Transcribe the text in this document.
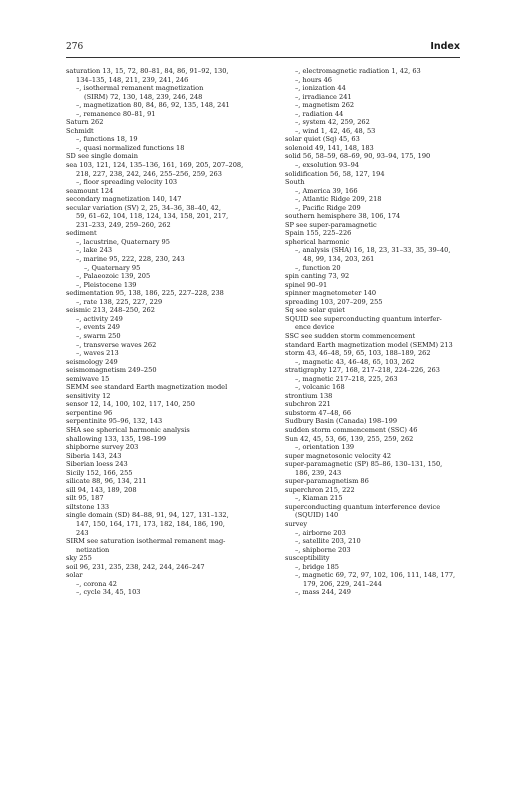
276	Index
saturation 13, 15, 72, 80–81, 84, 86, 91–92, 130,
134–135, 148, 211, 239, 241, 246
–, isothermal remanent magnetization
(SIRM) 72, 130, 148, 239, 246, 248
–, magnetization 80, 84, 86, 92, 135, 148, 241
–, remanence 80–81, 91
Saturn 262
Schmidt
–, functions 18, 19
–, quasi normalized functions 18
SD see single domain
sea 103, 121, 124, 135–136, 161, 169, 205, 207–208,
218, 227, 238, 242, 246, 255–256, 259, 263
–, floor spreading velocity 103
seamount 124
secondary magnetization 140, 147
secular variation (SV) 2, 25, 34–36, 38–40, 42,
59, 61–62, 104, 118, 124, 134, 158, 201, 217,
231–233, 249, 259–260, 262
sediment
–, lacustrine, Quaternary 95
–, lake 243
–, marine 95, 222, 228, 230, 243
–, Quaternary 95
–, Palaeozoic 139, 205
–, Pleistocene 139
sedimentation 95, 138, 186, 225, 227–228, 238
–, rate 138, 225, 227, 229
seismic 213, 248–250, 262
–, activity 249
–, events 249
–, swarm 250
–, transverse waves 262
–, waves 213
seismology 249
seismomagnetism 249–250
semiwave 15
SEMM see standard Earth magnetization model
sensitivity 12
sensor 12, 14, 100, 102, 117, 140, 250
serpentine 96
serpentinite 95–96, 132, 143
SHA see spherical harmonic analysis
shallowing 133, 135, 198–199
shipborne survey 203
Siberia 143, 243
Siberian loess 243
Sicily 152, 166, 255
silicate 88, 96, 134, 211
sill 94, 143, 189, 208
silt 95, 187
siltstone 133
single domain (SD) 84–88, 91, 94, 127, 131–132,
147, 150, 164, 171, 173, 182, 184, 186, 190,
243
SIRM see saturation isothermal remanent mag-
netization
sky 255
soil 96, 231, 235, 238, 242, 244, 246–247
solar
–, corona 42
–, cycle 34, 45, 103
–, electromagnetic radiation 1, 42, 63
–, hours 46
–, ionization 44
–, irradiance 241
–, magnetism 262
–, radiation 44
–, system 42, 259, 262
–, wind 1, 42, 46, 48, 53
solar quiet (Sq) 45, 63
solenoid 49, 141, 148, 183
solid 56, 58–59, 68–69, 90, 93–94, 175, 190
–, exsolution 93–94
solidification 56, 58, 127, 194
South
–, America 39, 166
–, Atlantic Ridge 209, 218
–, Pacific Ridge 209
southern hemisphere 38, 106, 174
SP see super-paramagnetic
Spain 155, 225–226
spherical harmonic
–, analysis (SHA) 16, 18, 23, 31–33, 35, 39–40,
48, 99, 134, 203, 261
–, function 20
spin canting 73, 92
spinel 90–91
spinner magnetometer 140
spreading 103, 207–209, 255
Sq see solar quiet
SQUID see superconducting quantum interfer-
ence device
SSC see sudden storm commencement
standard Earth magnetization model (SEMM) 213
storm 43, 46–48, 59, 65, 103, 188–189, 262
–, magnetic 43, 46–48, 65, 103, 262
stratigraphy 127, 168, 217–218, 224–226, 263
–, magnetic 217–218, 225, 263
–, volcanic 168
strontium 138
subchron 221
substorm 47–48, 66
Sudbury Basin (Canada) 198–199
sudden storm commencement (SSC) 46
Sun 42, 45, 53, 66, 139, 255, 259, 262
–, orientation 139
super magnetosonic velocity 42
super-paramagnetic (SP) 85–86, 130–131, 150,
186, 239, 243
super-paramagnetism 86
superchron 215, 222
–, Kiaman 215
superconducting quantum interference device
(SQUID) 140
survey
–, airborne 203
–, satellite 203, 210
–, shipborne 203
susceptibility
–, bridge 185
–, magnetic 69, 72, 97, 102, 106, 111, 148, 177,
179, 206, 229, 241–244
–, mass 244, 249
